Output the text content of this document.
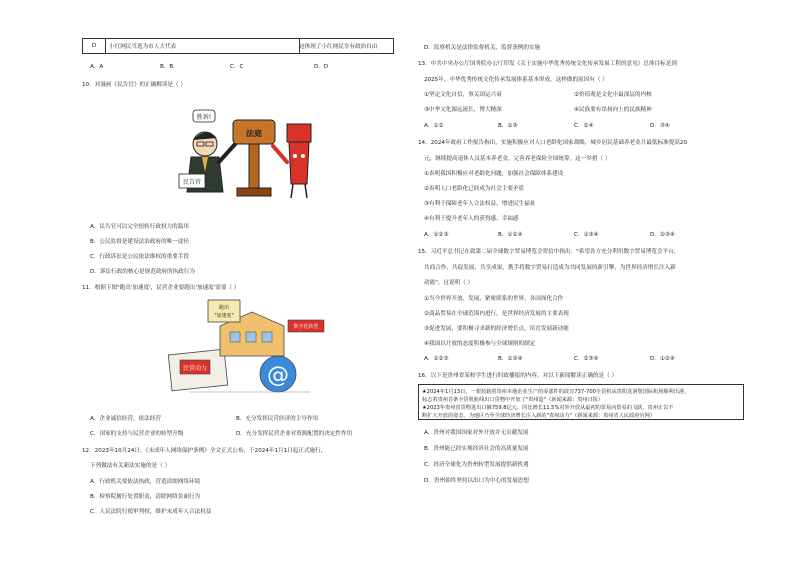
D	小红网民当选为市人大代表	这体现了小红网民享有政治自由
A．A	B．B	C．C	D．D
10．对漫画《民告官》的正确解读是（ ）
民告官
胜诉!
法庭
A．民告官可以完全扭转行政权力的滥用
B．公民监督是建设法治政府的唯一途径
C．行政诉讼是公民依法维权的重要手段
D．诉讼行政的核心是规范政府的执政行为
11．根据下图"跑出'加速度'，民营企业要跑出'加速度'需要（ ）
民营动力
跑出
"加速度"
数字化转型
@
A．企业诚信经营，依法经营	B．充分发挥民营经济的主导作用
C．国家的支持与民营企业的转型升级	D．充分发挥民营企业对资源配置的决定性作用
12．2023年10月24日，《未成年人网络保护条例》全文正式公布，于2024年1月1日起正式施行，
下列做法有关新法实施的是（ ）
A．行政机关要依法执政，营造清朗网络环境
B．检察院履行处置职责，清除网络负面行为
C．人民法院行使审判权，维护未成年人合法权益
D．监察机关是法律监督机关，监督条例的实施
13．中共中央办公厅国务院办公厅印发《关于实施中华优秀传统文化传承发展工程的意见》总体目标是到
2025年，中华优秀传统文化传承发展体系基本形成。这样做的原因有（ ）
①坚定文化自信，事关国运兴衰	②价值观是文化中最深层的内核
③中华文化源远流长，博大精深	④民族要有昂扬向上的民族精神
A．①②	B．①③	C．②④	D．③④
14．2024年政府工作报告指出，实施积极应对人口老龄化国家战略，城乡居民基础养老金月最低标准提高20
元，继续提高退休人员基本养老金，完善养老保险全国统筹。这一举措（ ）
①表明我国积极应对老龄化问题，加强社会保障体系建设
②表明人口老龄化已经成为社会主要矛盾
③有利于保障老年人合法权益，增进民生福祉
④有利于提升老年人的获得感、幸福感
A．①②③	B．①②④	C．①③④	D．②③④
15．习近平总书记在致第二届全球数字贸易博览会贺信中指出："希望各方充分利用数字贸易博览会平台，
共商合作、共促发展、共享成果，携手将数字贸易打造成为共同发展的新引擎，为世界经济增长注入新
动能"。这说明（ ）
①当今世界开放、发展、紧密联系的世界，各国深化合作
②商品贸易在全球范围内进行，是世界经济发展的主要表现
③促进发展，要积极寻求新的经济增长点，培育发展新动能
④我国以开放的态度积极参与全球规则的制定
A．①②③	B．①③④	C．②③④	D．①②④
16．以下是贵州省某校学生进行时政播报的内容，对以下新闻解读正确的是（ ）
★2024年1月13日，一架装载着贵州本地企业生产的零部件的波音737-700全货机从贵阳龙洞堡国际机场顺利出港，
标志着贵州首条全货机航线出口货物中开放了"贵州造"（新闻来源：贵州日报）
★2023年贵州省货物进出口额759.8亿元，同比增长11.5%对外开放从最初的贸易向贸易的飞跃，贵州正以不
断扩大开放的姿态，为地区乃至全球经济增长注入新的"贵州动力"（新闻来源：贵州省人民政府官网）
A．贵州对我国国家对外开放并无贡献发展
B．贵州能已经实现经济社会的高质量发展
C．经济全球化为贵州转型发展提供新机遇
D．贵州始终坚持以出口为中心的发展思想
